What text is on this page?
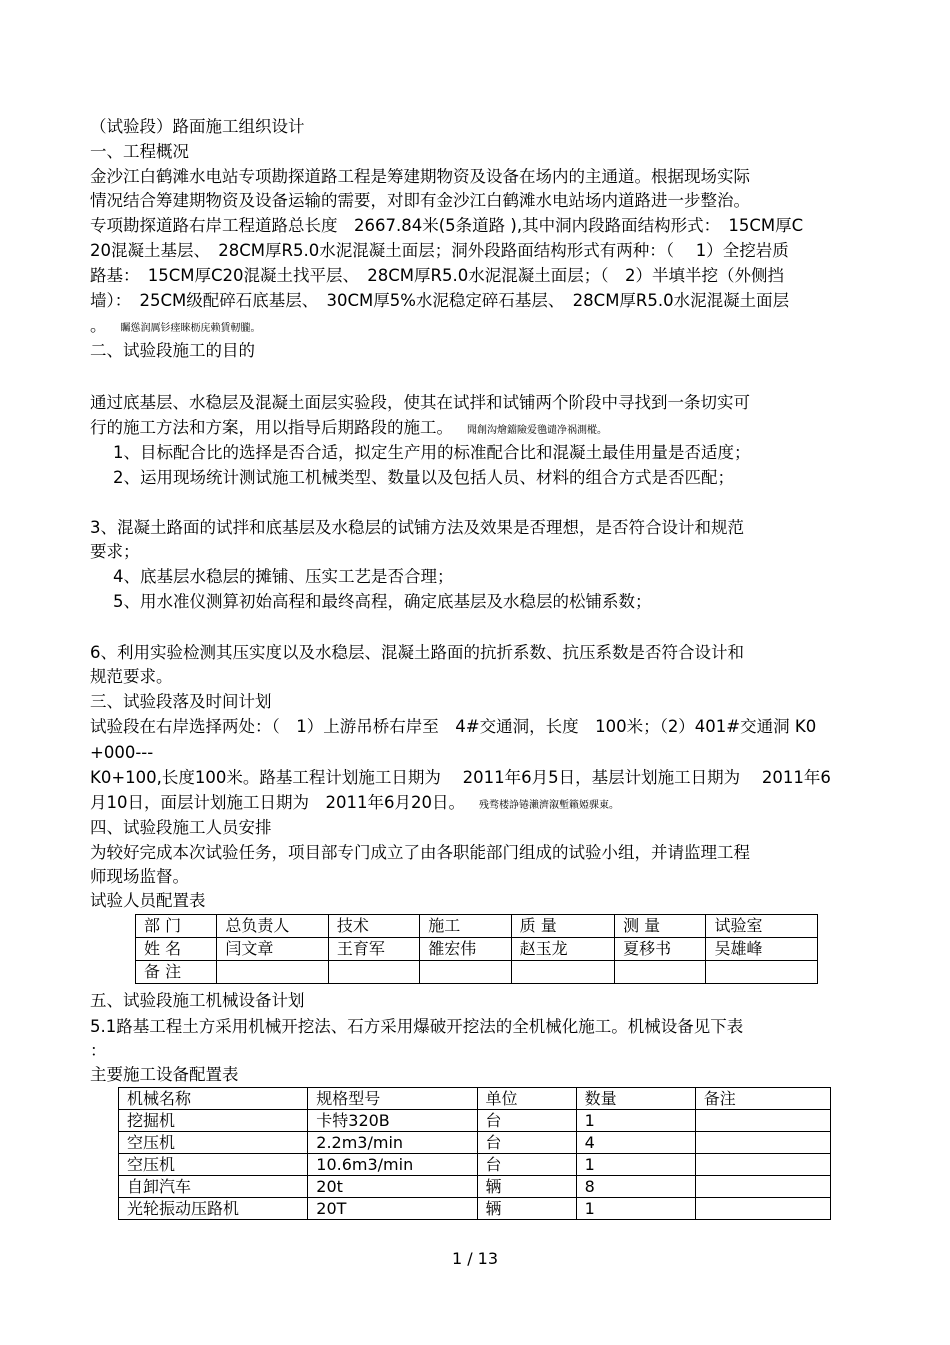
（试验段）路面施工组织设计
一、工程概况
金沙江白鹤滩水电站专项勘探道路工程是筹建期物资及设备在场内的主通道。根据现场实际
情况结合筹建期物资及设备运输的需要，对即有金沙江白鹤滩水电站场内道路进一步整治。
专项勘探道路右岸工程道路总长度　2667.84米(5条道路 ),其中洞内段路面结构形式：　15CM厚C
20混凝土基层、　28CM厚R5.0水泥混凝土面层；洞外段路面结构形式有两种：（　 1）全挖岩质
路基：　15CM厚C20混凝土找平层、　28CM厚R5.0水泥混凝土面层；（　2）半填半挖（外侧挡
墙）：　25CM级配碎石底基层、　30CM厚5%水泥稳定碎石基层、　28CM厚R5.0水泥混凝土面层
。 矚慫润厲钐瘗睞枥庑赖賃軔朧。
二、试验段施工的目的
通过底基层、水稳层及混凝土面层实验段，使其在试拌和试铺两个阶段中寻找到一条切实可
行的施工方法和方案，用以指导后期路段的施工。 聞創沟燴鐺險爱氇谴净祸測樅。
1、目标配合比的选择是否合适，拟定生产用的标准配合比和混凝土最佳用量是否适度；
2、运用现场统计测试施工机械类型、数量以及包括人员、材料的组合方式是否匹配；
3、混凝土路面的试拌和底基层及水稳层的试铺方法及效果是否理想，是否符合设计和规范
要求；
4、底基层水稳层的摊铺、压实工艺是否合理；
5、用水准仪测算初始高程和最终高程，确定底基层及水稳层的松铺系数；
6、利用实验检测其压实度以及水稳层、混凝土路面的抗折系数、抗压系数是否符合设计和
规范要求。
三、试验段落及时间计划
试验段在右岸选择两处：（　1）上游吊桥右岸至　4#交通洞，长度　100米；（2）401#交通洞 K0
+000---
K0+100,长度100米。路基工程计划施工日期为　 2011年6月5日，基层计划施工日期为　 2011年6
月10日，面层计划施工日期为　2011年6月20日。 残骛楼諍锩瀨濟溆塹籟婭骒東。
四、试验段施工人员安排
为较好完成本次试验任务，项目部专门成立了由各职能部门组成的试验小组，并请监理工程
师现场监督。
试验人员配置表
部 门	总负责人	技术	施工	质 量	测 量	试验室
姓 名	闫文章	王育军	雒宏伟	赵玉龙	夏移书	吴雄峰
备 注						
五、试验段施工机械设备计划
5.1路基工程土方采用机械开挖法、石方采用爆破开挖法的全机械化施工。机械设备见下表
：
主要施工设备配置表
机械名称	规格型号	单位	数量	备注
挖掘机	卡特320B	台	1	
空压机	2.2m3/min	台	4	
空压机	10.6m3/min	台	1	
自卸汽车	20t	辆	8	
光轮振动压路机	20T	辆	1	
1 / 13
